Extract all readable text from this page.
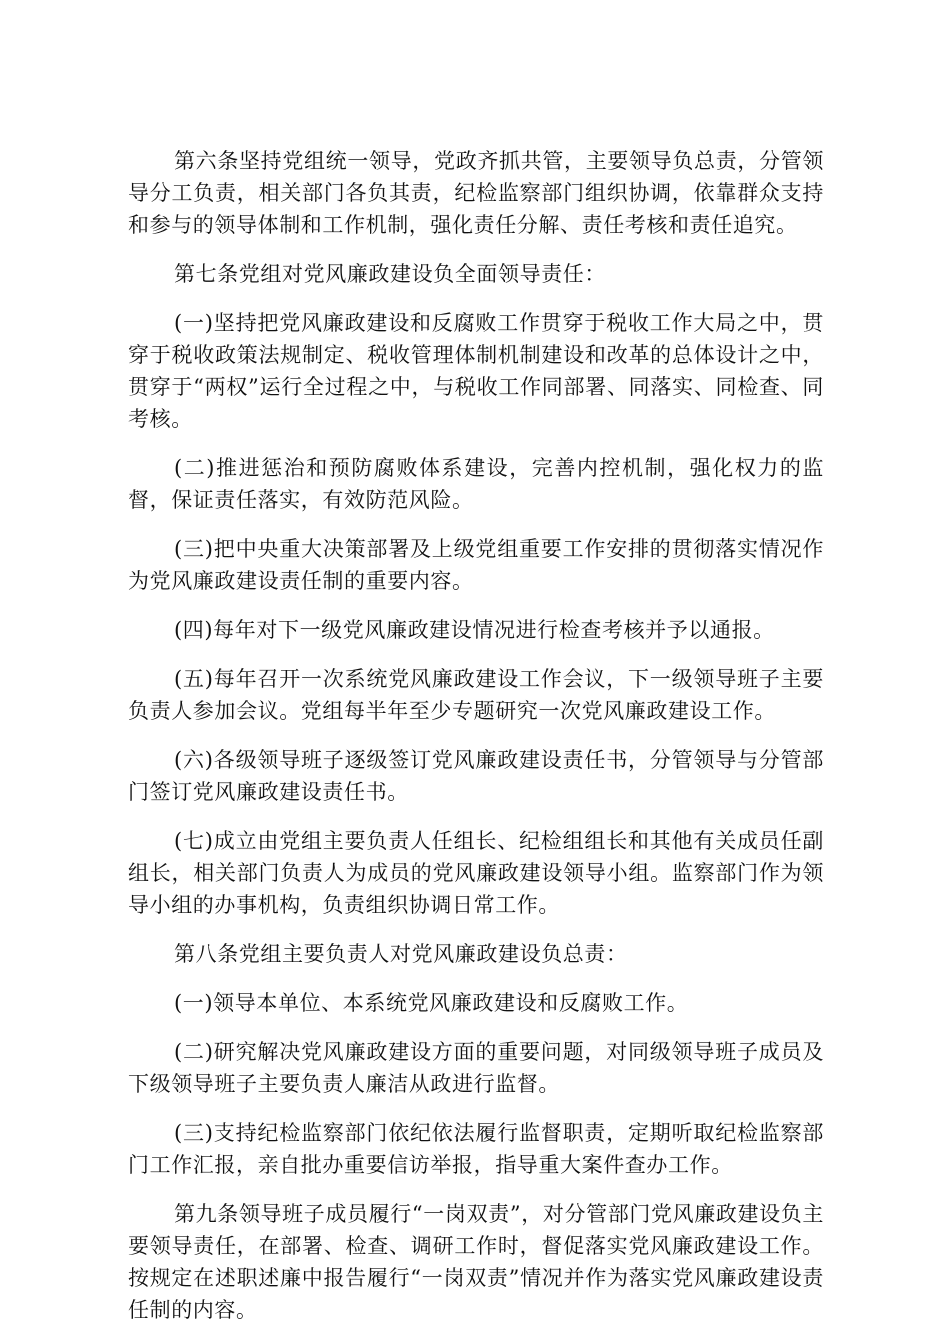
第六条坚持党组统一领导，党政齐抓共管，主要领导负总责，分管领导分工负责，相关部门各负其责，纪检监察部门组织协调，依靠群众支持和参与的领导体制和工作机制，强化责任分解、责任考核和责任追究。

第七条党组对党风廉政建设负全面领导责任：

(一)坚持把党风廉政建设和反腐败工作贯穿于税收工作大局之中，贯穿于税收政策法规制定、税收管理体制机制建设和改革的总体设计之中，贯穿于“两权”运行全过程之中，与税收工作同部署、同落实、同检查、同考核。

(二)推进惩治和预防腐败体系建设，完善内控机制，强化权力的监督，保证责任落实，有效防范风险。

(三)把中央重大决策部署及上级党组重要工作安排的贯彻落实情况作为党风廉政建设责任制的重要内容。

(四)每年对下一级党风廉政建设情况进行检查考核并予以通报。

(五)每年召开一次系统党风廉政建设工作会议，下一级领导班子主要负责人参加会议。党组每半年至少专题研究一次党风廉政建设工作。

(六)各级领导班子逐级签订党风廉政建设责任书，分管领导与分管部门签订党风廉政建设责任书。

(七)成立由党组主要负责人任组长、纪检组组长和其他有关成员任副组长，相关部门负责人为成员的党风廉政建设领导小组。监察部门作为领导小组的办事机构，负责组织协调日常工作。

第八条党组主要负责人对党风廉政建设负总责：

(一)领导本单位、本系统党风廉政建设和反腐败工作。

(二)研究解决党风廉政建设方面的重要问题，对同级领导班子成员及下级领导班子主要负责人廉洁从政进行监督。

(三)支持纪检监察部门依纪依法履行监督职责，定期听取纪检监察部门工作汇报，亲自批办重要信访举报，指导重大案件查办工作。

第九条领导班子成员履行“一岗双责”，对分管部门党风廉政建设负主要领导责任，在部署、检查、调研工作时，督促落实党风廉政建设工作。按规定在述职述廉中报告履行“一岗双责”情况并作为落实党风廉政建设责任制的内容。
